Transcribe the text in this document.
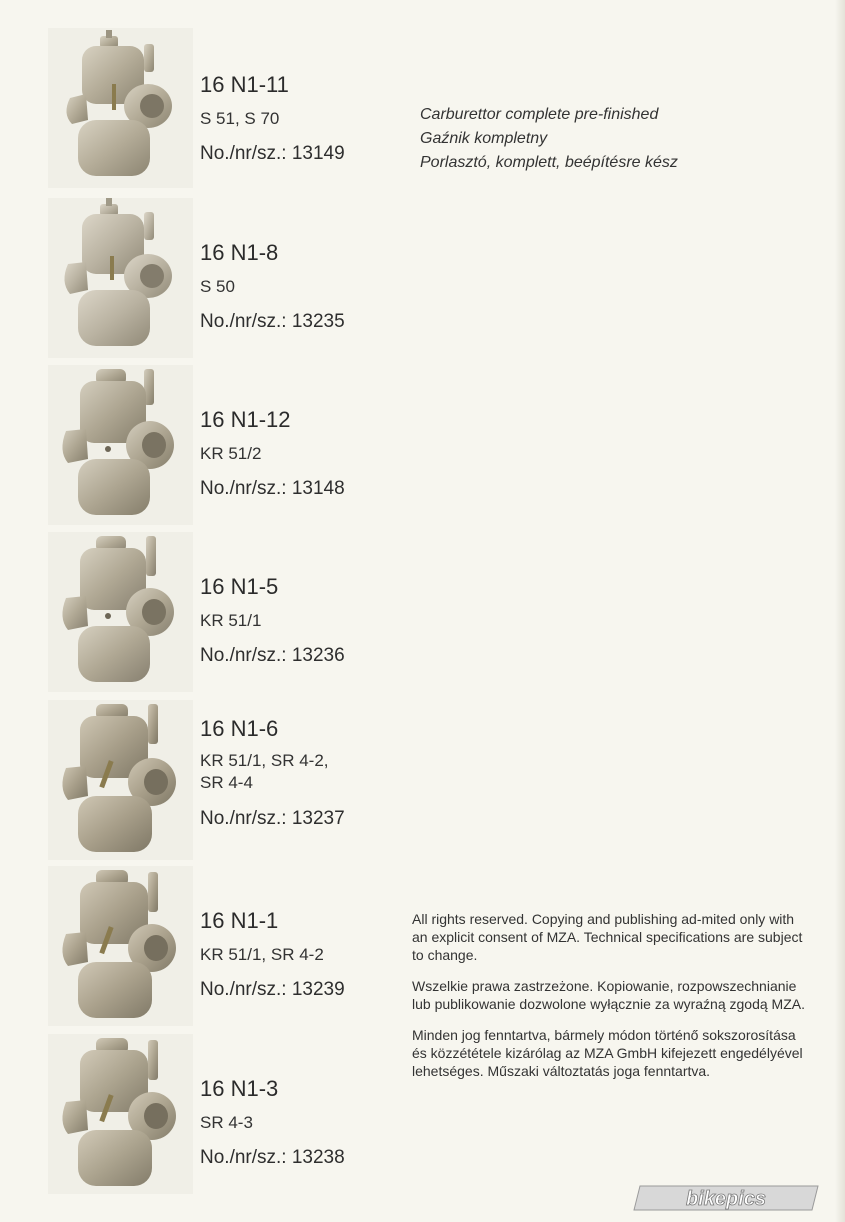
16 N1-11
S 51, S 70
No./nr/sz.: 13149
16 N1-8
S 50
No./nr/sz.: 13235
16 N1-12
KR 51/2
No./nr/sz.: 13148
16 N1-5
KR 51/1
No./nr/sz.: 13236
16 N1-6
KR 51/1, SR 4-2,
SR 4-4
No./nr/sz.: 13237
16 N1-1
KR 51/1, SR 4-2
No./nr/sz.: 13239
16 N1-3
SR 4-3
No./nr/sz.: 13238
Carburettor complete pre-finished
Gaźnik kompletny
Porlasztó, komplett, beépítésre kész

All rights reserved. Copying and publishing ad-mited only with an explicit consent of MZA. Technical specifications are subject to change.

Wszelkie prawa zastrzeżone. Kopiowanie, rozpowszechnianie lub publikowanie dozwolone wyłącznie za wyraźną zgodą MZA.

Minden jog fenntartva, bármely módon történő sokszorosítása és közzététele kizárólag az MZA GmbH kifejezett engedélyével lehetséges. Műszaki változtatás joga fenntartva.

bikepics
